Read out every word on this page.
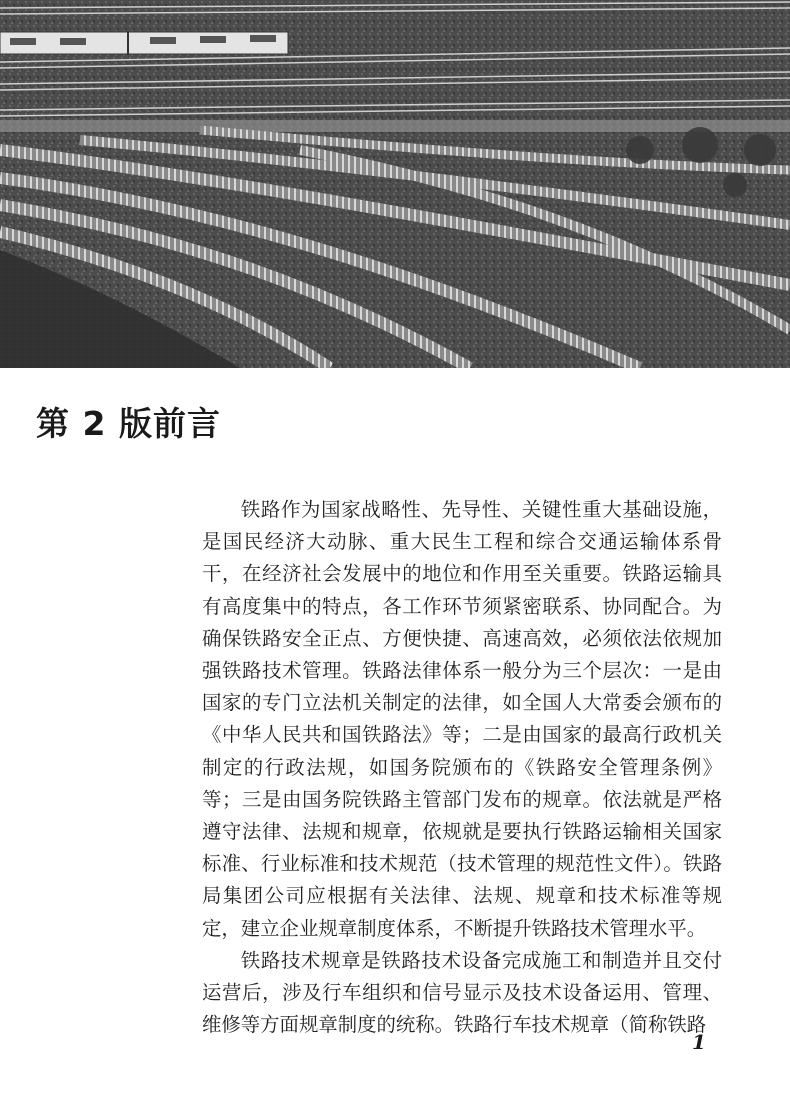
第 2 版前言

铁路作为国家战略性、先导性、关键性重大基础设施，是国民经济大动脉、重大民生工程和综合交通运输体系骨干，在经济社会发展中的地位和作用至关重要。铁路运输具有高度集中的特点，各工作环节须紧密联系、协同配合。为确保铁路安全正点、方便快捷、高速高效，必须依法依规加强铁路技术管理。铁路法律体系一般分为三个层次：一是由国家的专门立法机关制定的法律，如全国人大常委会颁布的《中华人民共和国铁路法》等；二是由国家的最高行政机关制定的行政法规，如国务院颁布的《铁路安全管理条例》等；三是由国务院铁路主管部门发布的规章。依法就是严格遵守法律、法规和规章，依规就是要执行铁路运输相关国家标准、行业标准和技术规范（技术管理的规范性文件）。铁路局集团公司应根据有关法律、法规、规章和技术标准等规定，建立企业规章制度体系，不断提升铁路技术管理水平。

铁路技术规章是铁路技术设备完成施工和制造并且交付运营后，涉及行车组织和信号显示及技术设备运用、管理、维修等方面规章制度的统称。铁路行车技术规章（简称铁路

1
